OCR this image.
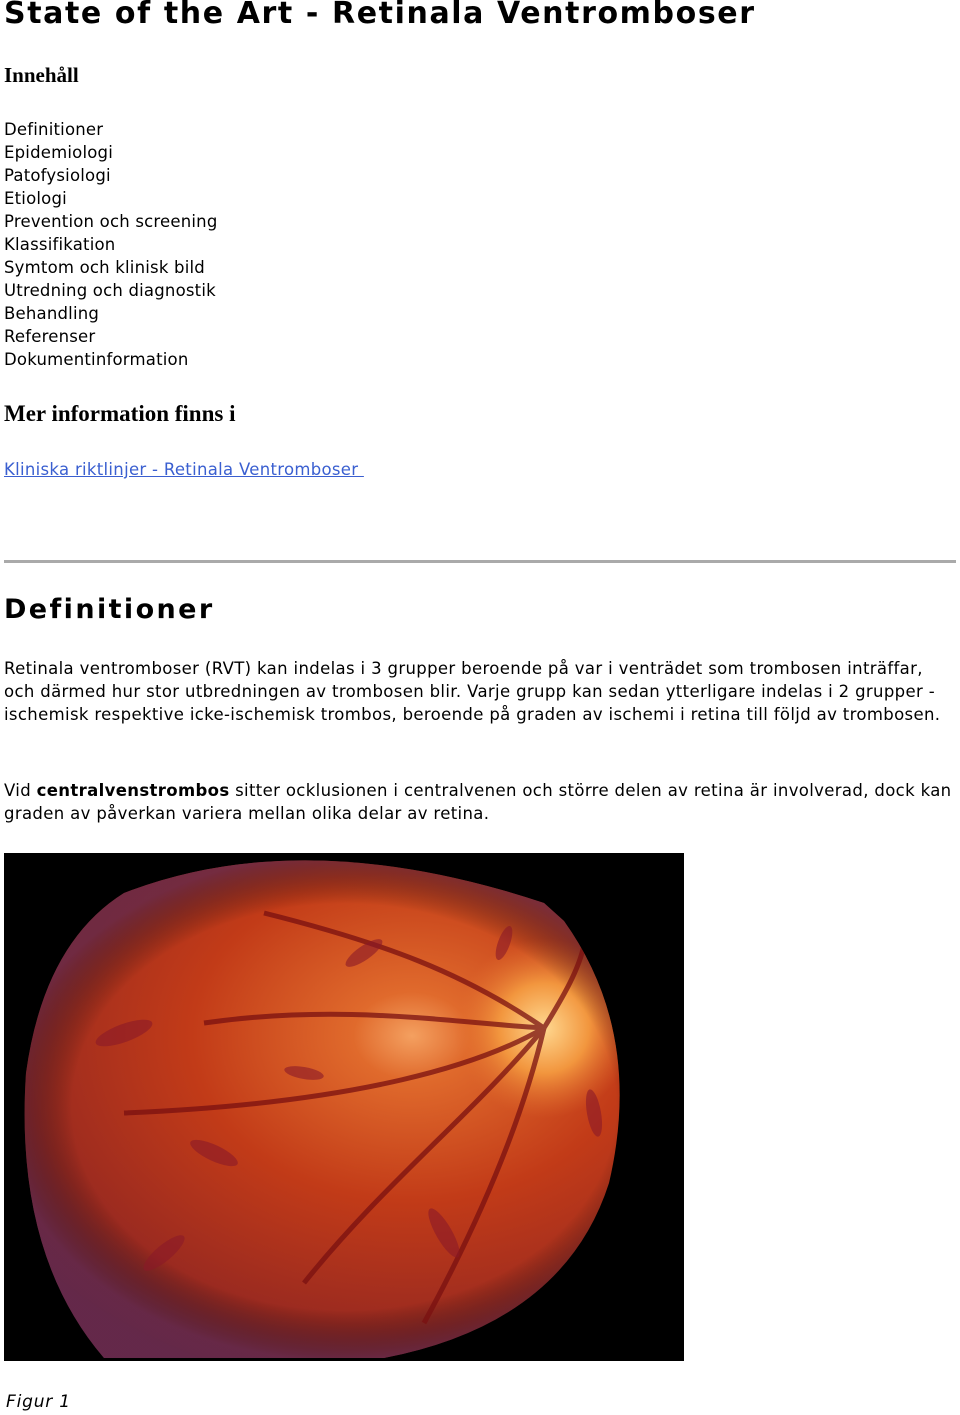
State of the Art - Retinala Ventromboser
Innehåll
Definitioner
Epidemiologi
Patofysiologi
Etiologi
Prevention och screening
Klassifikation
Symtom och klinisk bild
Utredning och diagnostik
Behandling
Referenser
Dokumentinformation
Mer information finns i
Kliniska riktlinjer - Retinala Ventromboser
Definitioner

Retinala ventromboser (RVT) kan indelas i 3 grupper beroende på var i venträdet som trombosen inträffar, och därmed hur stor utbredningen av trombosen blir. Varje grupp kan sedan ytterligare indelas i 2 grupper - ischemisk respektive icke-ischemisk trombos, beroende på graden av ischemi i retina till följd av trombosen.

Vid centralvenstrombos sitter ocklusionen i centralvenen och större delen av retina är involverad, dock kan graden av påverkan variera mellan olika delar av retina.

Figur 1
